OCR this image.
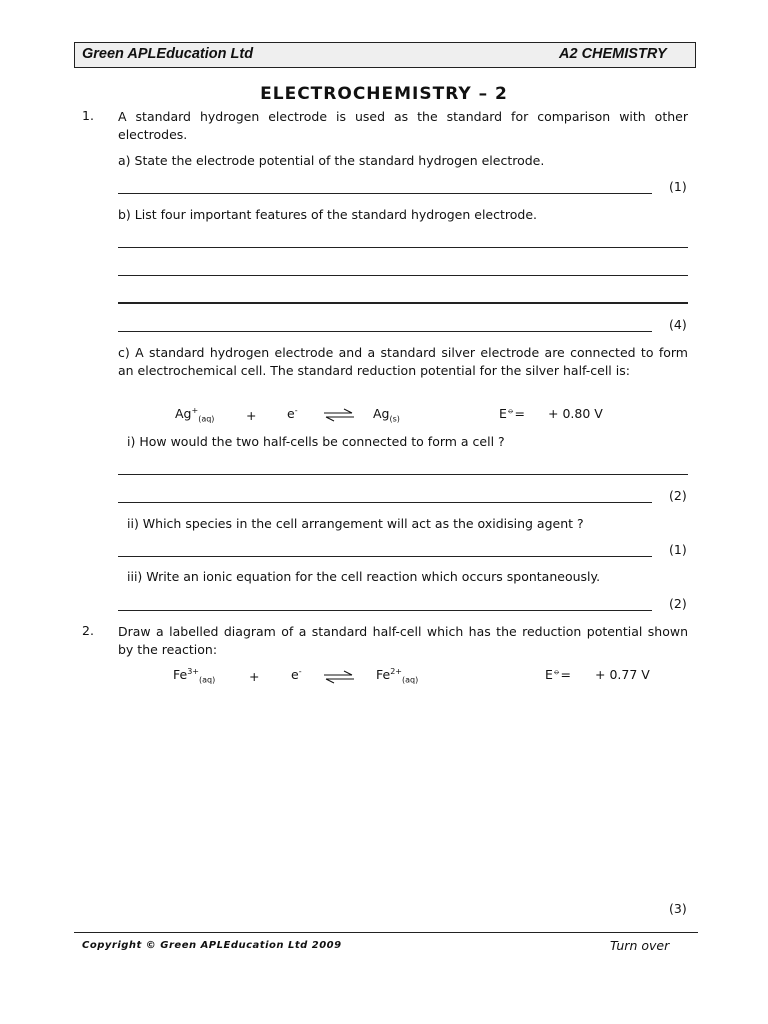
Green APLEducation Ltd	A2 CHEMISTRY
ELECTROCHEMISTRY – 2
1. A standard hydrogen electrode is used as the standard for comparison with other electrodes.
a) State the electrode potential of the standard hydrogen electrode.
(1)
b) List four important features of the standard hydrogen electrode.
(4)
c) A standard hydrogen electrode and a standard silver electrode are connected to form an electrochemical cell. The standard reduction potential for the silver half-cell is:
$Ag^+_{(aq)}$	+ e- ⇌ $Ag_{(s)}$	E⦵= + 0.80 V
i) How would the two half-cells be connected to form a cell ?
(2)
ii) Which species in the cell arrangement will act as the oxidising agent ?
(1)
iii) Write an ionic equation for the cell reaction which occurs spontaneously.
(2)
2. Draw a labelled diagram of a standard half-cell which has the reduction potential shown by the reaction:
$Fe^{3+}_{(aq)}$	+	e- ⇌ $Fe^{2+}_{(aq)}$	E⦵= + 0.77 V
(3)
Copyright © Green APLEducation Ltd 2009	Turn over
